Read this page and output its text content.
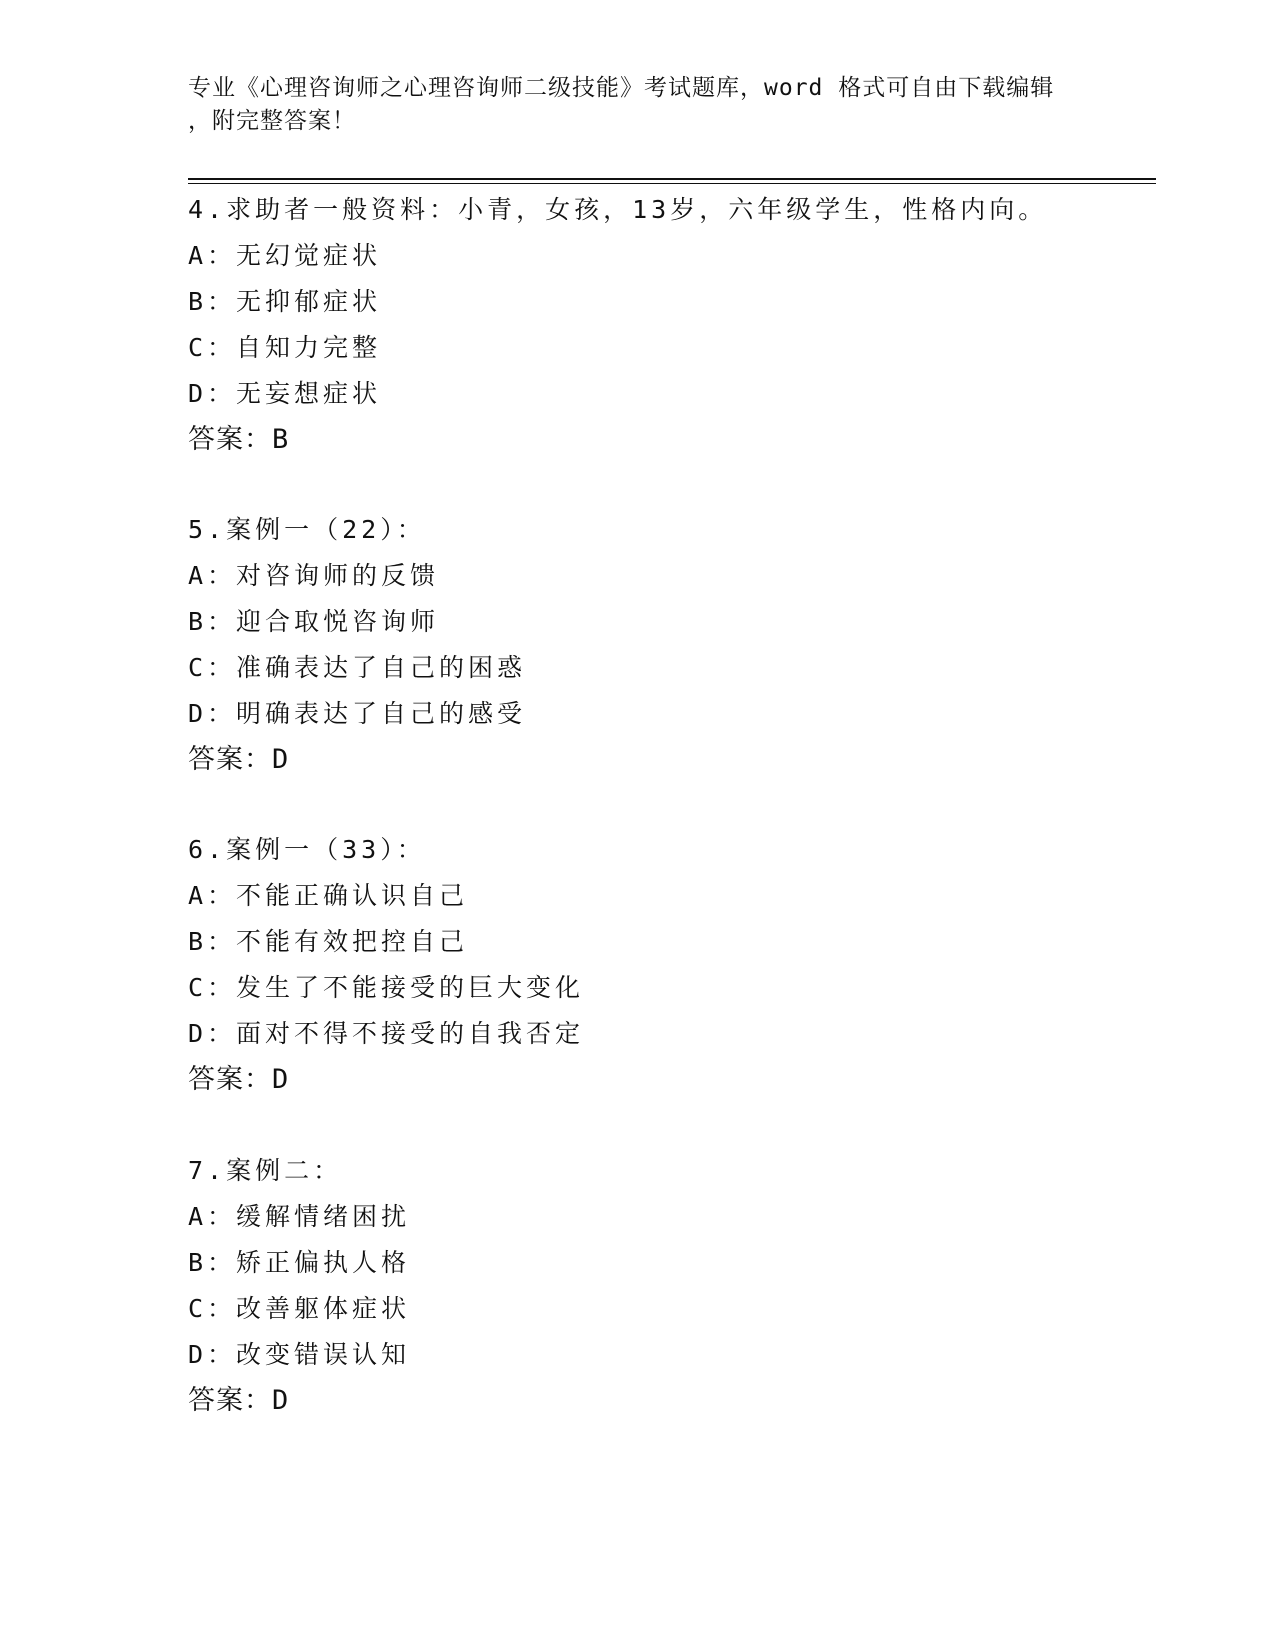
专业《心理咨询师之心理咨询师二级技能》考试题库，word 格式可自由下载编辑
，附完整答案！
4.求助者一般资料：小青，女孩，13岁，六年级学生，性格内向。
A：无幻觉症状
B：无抑郁症状
C：自知力完整
D：无妄想症状
答案：B
5.案例一（22）：
A：对咨询师的反馈
B：迎合取悦咨询师
C：准确表达了自己的困惑
D：明确表达了自己的感受
答案：D
6.案例一（33）：
A：不能正确认识自己
B：不能有效把控自己
C：发生了不能接受的巨大变化
D：面对不得不接受的自我否定
答案：D
7.案例二：
A：缓解情绪困扰
B：矫正偏执人格
C：改善躯体症状
D：改变错误认知
答案：D
